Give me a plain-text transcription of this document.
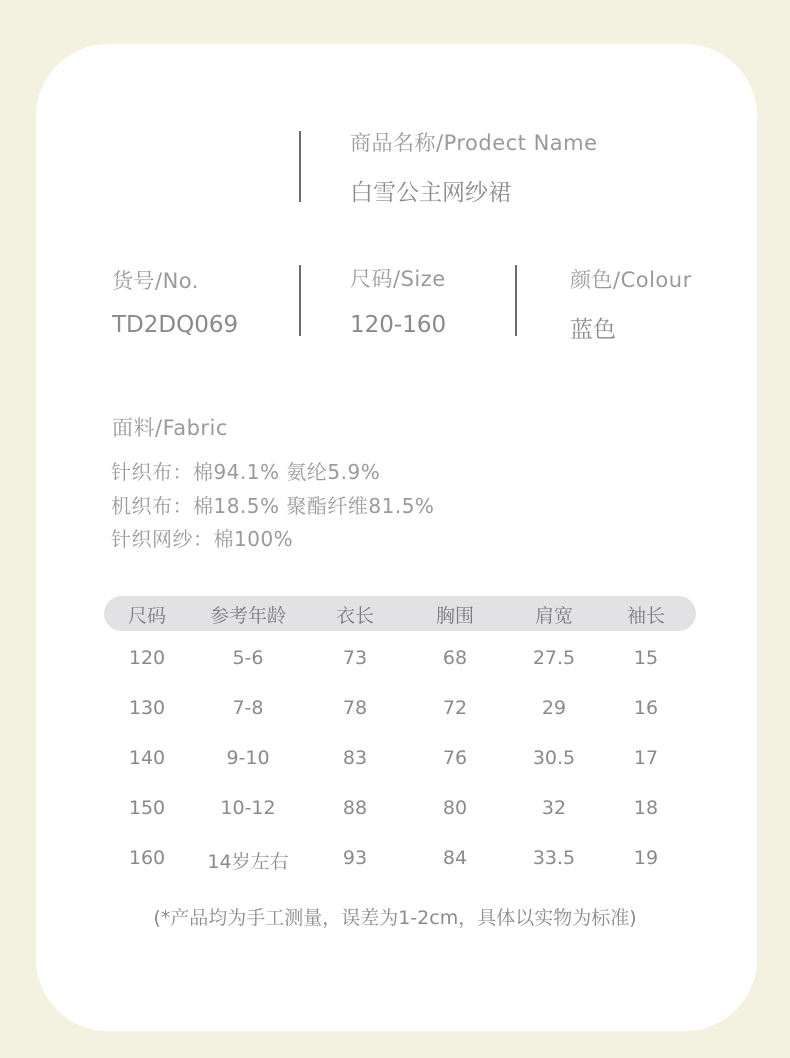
商品名称/Prodect Name
白雪公主网纱裙
货号/No.
TD2DQ069
尺码/Size
120-160
颜色/Colour
蓝色
面料/Fabric
针织布：棉94.1% 氨纶5.9%
机织布：棉18.5% 聚酯纤维81.5%
针织网纱：棉100%
尺码	参考年龄	衣长	胸围	肩宽	袖长
120	5-6	73	68	27.5	15
130	7-8	78	72	29	16
140	9-10	83	76	30.5	17
150	10-12	88	80	32	18
160	14岁左右	93	84	33.5	19
(*产品均为手工测量，误差为1-2cm，具体以实物为标准)
